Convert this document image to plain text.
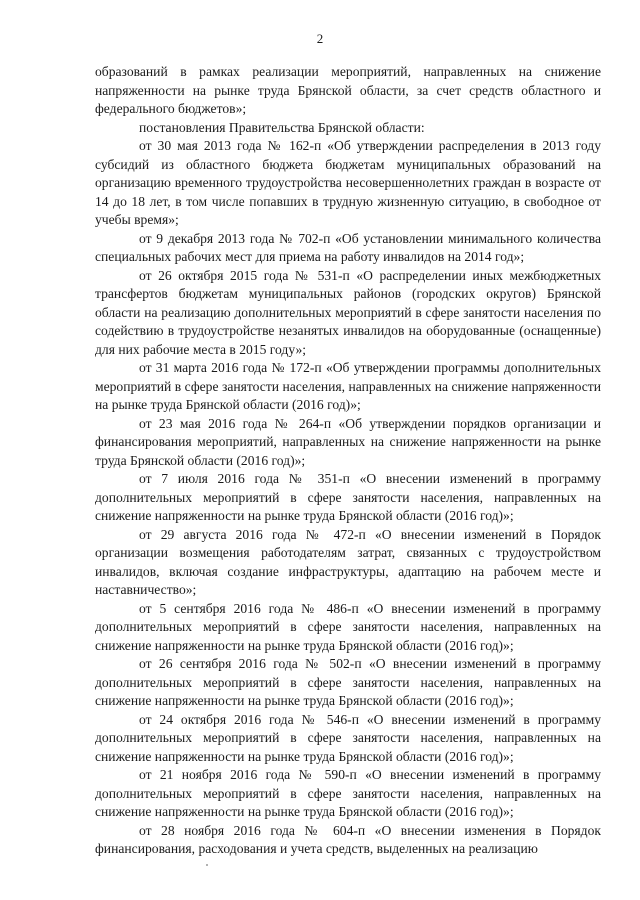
2

образований в рамках реализации мероприятий, направленных на снижение напряженности на рынке труда Брянской области, за счет средств областного и федерального бюджетов»;

постановления Правительства Брянской области:

от 30 мая 2013 года № 162-п «Об утверждении распределения в 2013 году субсидий из областного бюджета бюджетам муниципальных образований на организацию временного трудоустройства несовершеннолетних граждан в возрасте от 14 до 18 лет, в том числе попавших в трудную жизненную ситуацию, в свободное от учебы время»;

от 9 декабря 2013 года № 702-п «Об установлении минимального количества специальных рабочих мест для приема на работу инвалидов на 2014 год»;

от 26 октября 2015 года № 531-п «О распределении иных межбюджетных трансфертов бюджетам муниципальных районов (городских округов) Брянской области на реализацию дополнительных мероприятий в сфере занятости населения по содействию в трудоустройстве незанятых инвалидов на оборудованные (оснащенные) для них рабочие места в 2015 году»;

от 31 марта 2016 года № 172-п «Об утверждении программы дополнительных мероприятий в сфере занятости населения, направленных на снижение напряженности на рынке труда Брянской области (2016 год)»;

от 23 мая 2016 года № 264-п «Об утверждении порядков организации и финансирования мероприятий, направленных на снижение напряженности на рынке труда Брянской области (2016 год)»;

от 7 июля 2016 года № 351-п «О внесении изменений в программу дополнительных мероприятий в сфере занятости населения, направленных на снижение напряженности на рынке труда Брянской области (2016 год)»;

от 29 августа 2016 года № 472-п «О внесении изменений в Порядок организации возмещения работодателям затрат, связанных с трудоустройством инвалидов, включая создание инфраструктуры, адаптацию на рабочем месте и наставничество»;

от 5 сентября 2016 года № 486-п «О внесении изменений в программу дополнительных мероприятий в сфере занятости населения, направленных на снижение напряженности на рынке труда Брянской области (2016 год)»;

от 26 сентября 2016 года № 502-п «О внесении изменений в программу дополнительных мероприятий в сфере занятости населения, направленных на снижение напряженности на рынке труда Брянской области (2016 год)»;

от 24 октября 2016 года № 546-п «О внесении изменений в программу дополнительных мероприятий в сфере занятости населения, направленных на снижение напряженности на рынке труда Брянской области (2016 год)»;

от 21 ноября 2016 года № 590-п «О внесении изменений в программу дополнительных мероприятий в сфере занятости населения, направленных на снижение напряженности на рынке труда Брянской области (2016 год)»;

от 28 ноября 2016 года № 604-п «О внесении изменения в Порядок финансирования, расходования и учета средств, выделенных на реализацию
